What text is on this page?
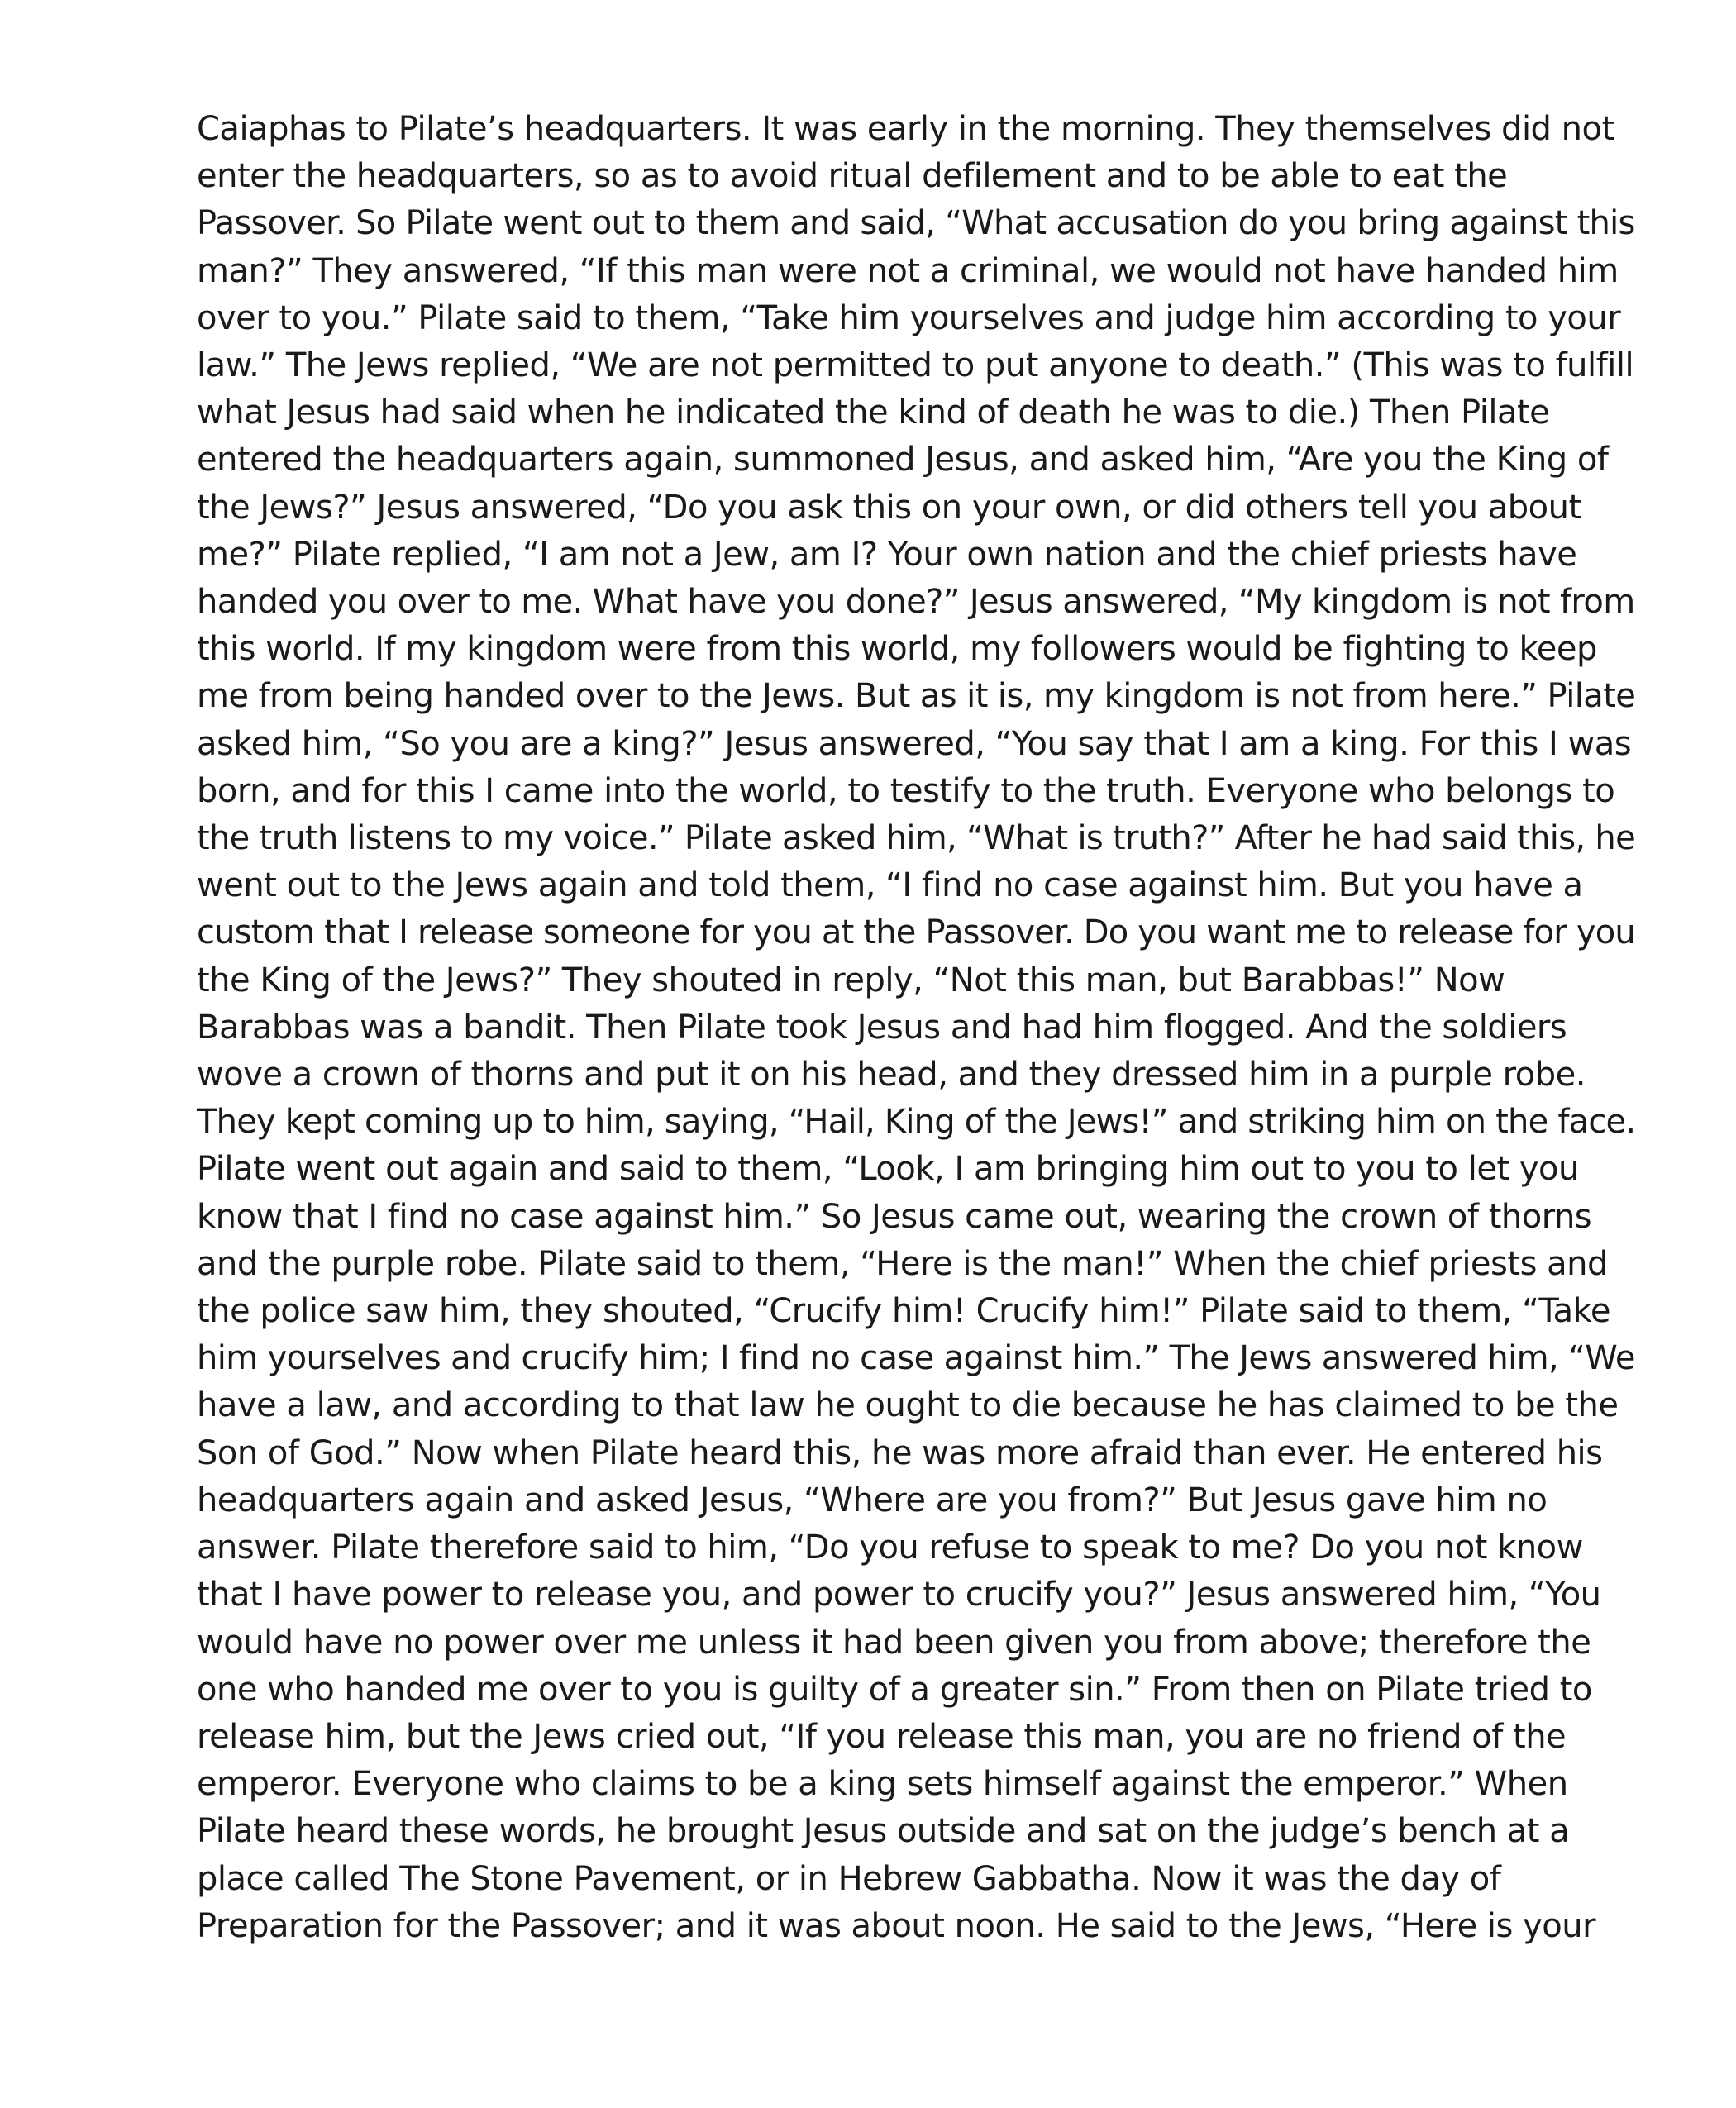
Caiaphas to Pilate’s headquarters. It was early in the morning. They themselves did not
enter the headquarters, so as to avoid ritual defilement and to be able to eat the
Passover. So Pilate went out to them and said, “What accusation do you bring against this
man?” They answered, “If this man were not a criminal, we would not have handed him
over to you.” Pilate said to them, “Take him yourselves and judge him according to your
law.” The Jews replied, “We are not permitted to put anyone to death.” (This was to fulfill
what Jesus had said when he indicated the kind of death he was to die.) Then Pilate
entered the headquarters again, summoned Jesus, and asked him, “Are you the King of
the Jews?” Jesus answered, “Do you ask this on your own, or did others tell you about
me?” Pilate replied, “I am not a Jew, am I? Your own nation and the chief priests have
handed you over to me. What have you done?” Jesus answered, “My kingdom is not from
this world. If my kingdom were from this world, my followers would be fighting to keep
me from being handed over to the Jews. But as it is, my kingdom is not from here.” Pilate
asked him, “So you are a king?” Jesus answered, “You say that I am a king. For this I was
born, and for this I came into the world, to testify to the truth. Everyone who belongs to
the truth listens to my voice.” Pilate asked him, “What is truth?” After he had said this, he
went out to the Jews again and told them, “I find no case against him. But you have a
custom that I release someone for you at the Passover. Do you want me to release for you
the King of the Jews?” They shouted in reply, “Not this man, but Barabbas!” Now
Barabbas was a bandit. Then Pilate took Jesus and had him flogged. And the soldiers
wove a crown of thorns and put it on his head, and they dressed him in a purple robe.
They kept coming up to him, saying, “Hail, King of the Jews!” and striking him on the face.
Pilate went out again and said to them, “Look, I am bringing him out to you to let you
know that I find no case against him.” So Jesus came out, wearing the crown of thorns
and the purple robe. Pilate said to them, “Here is the man!” When the chief priests and
the police saw him, they shouted, “Crucify him! Crucify him!” Pilate said to them, “Take
him yourselves and crucify him; I find no case against him.” The Jews answered him, “We
have a law, and according to that law he ought to die because he has claimed to be the
Son of God.” Now when Pilate heard this, he was more afraid than ever. He entered his
headquarters again and asked Jesus, “Where are you from?” But Jesus gave him no
answer. Pilate therefore said to him, “Do you refuse to speak to me? Do you not know
that I have power to release you, and power to crucify you?” Jesus answered him, “You
would have no power over me unless it had been given you from above; therefore the
one who handed me over to you is guilty of a greater sin.” From then on Pilate tried to
release him, but the Jews cried out, “If you release this man, you are no friend of the
emperor. Everyone who claims to be a king sets himself against the emperor.” When
Pilate heard these words, he brought Jesus outside and sat on the judge’s bench at a
place called The Stone Pavement, or in Hebrew Gabbatha. Now it was the day of
Preparation for the Passover; and it was about noon. He said to the Jews, “Here is your
